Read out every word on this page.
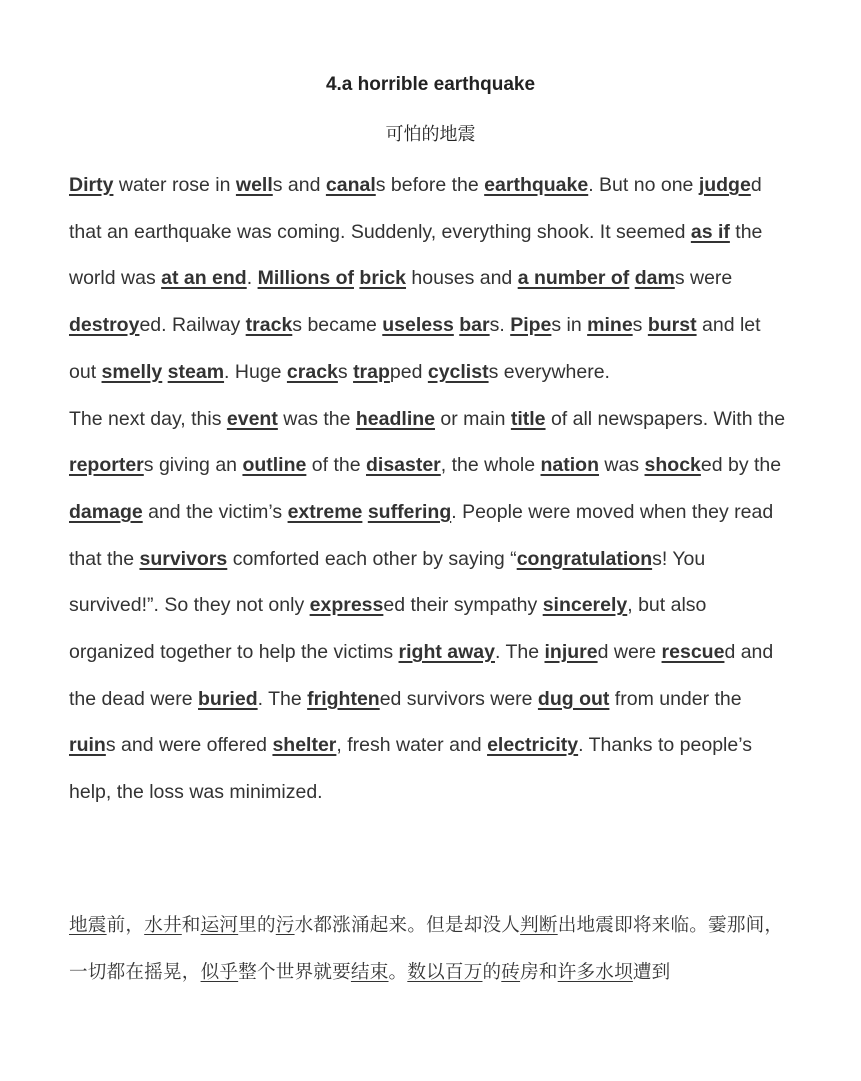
4.a horrible earthquake
可怕的地震

Dirty water rose in wells and canals before the earthquake. But no one judged that an earthquake was coming. Suddenly, everything shook. It seemed as if the world was at an end. Millions of brick houses and a number of dams were destroyed. Railway tracks became useless bars. Pipes in mines burst and let out smelly steam. Huge cracks trapped cyclists everywhere.

The next day, this event was the headline or main title of all newspapers. With the reporters giving an outline of the disaster, the whole nation was shocked by the damage and the victim’s extreme suffering. People were moved when they read that the survivors comforted each other by saying “congratulations! You survived!”. So they not only expressed their sympathy sincerely, but also organized together to help the victims right away. The injured were rescued and the dead were buried. The frightened survivors were dug out from under the ruins and were offered shelter, fresh water and electricity. Thanks to people’s help, the loss was minimized.

地震前，水井和运河里的污水都涨涌起来。但是却没人判断出地震即将来临。霎那间，一切都在摇晃，似乎整个世界就要结束。数以百万的砖房和许多水坝遭到
